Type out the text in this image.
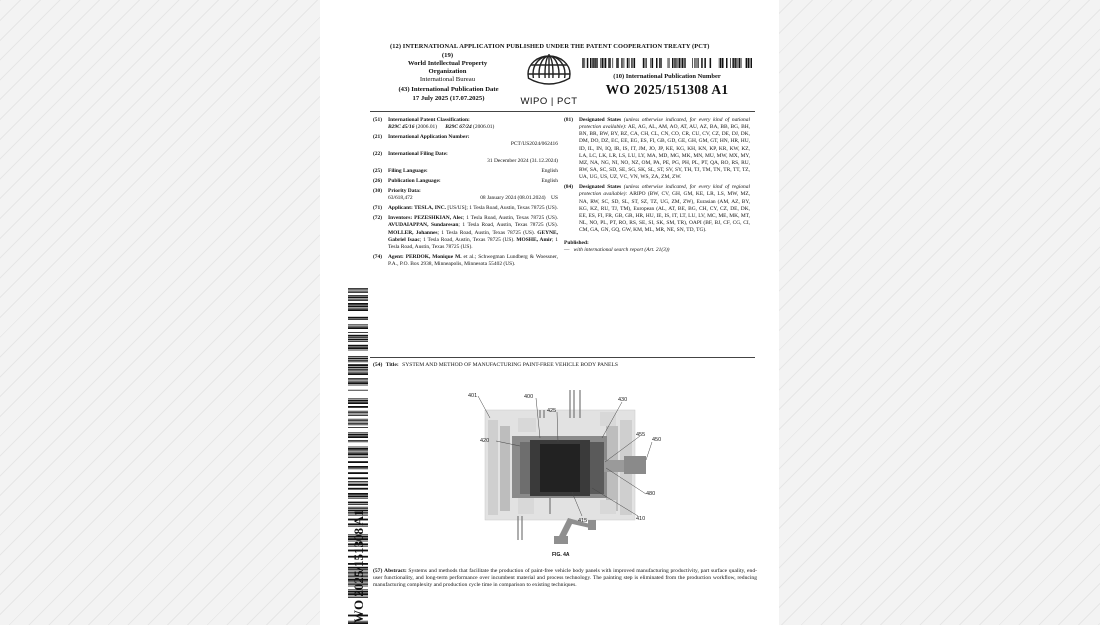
(12) INTERNATIONAL APPLICATION PUBLISHED UNDER THE PATENT COOPERATION TREATY (PCT)
(19)
World Intellectual Property Organization
International Bureau
(43) International Publication Date
17 July 2025 (17.07.2025)	WIPO | PCT
(10) International Publication Number
WO 2025/151308 A1
(51) International Patent Classification:
B29C 45/16 (2006.01) B29C 67/24 (2006.01)
(21) International Application Number:
PCT/US2024/062416
(22) International Filing Date:
31 December 2024 (31.12.2024)
(25) Filing Language:	English
(26) Publication Language:	English
(30) Priority Data:
63/618,472	08 January 2024 (08.01.2024) US
(71)	Applicant: TESLA, INC. [US/US]; 1 Tesla Road, Austin, Texas 78725 (US).
(72)	Inventors: PEZESHKIAN, Alec; 1 Tesla Road, Austin, Texas 78725 (US). AVUDAIAPPAN, Sundaresan; 1 Tesla Road, Austin, Texas 78725 (US). MOLLER, Johannes; 1 Tesla Road, Austin, Texas 78725 (US). GEYNE, Gabriel Isaac; 1 Tesla Road, Austin, Texas 78725 (US). MOSHE, Amir; 1 Tesla Road, Austin, Texas 78725 (US).
(74)	Agent: PERDOK, Monique M. et al.; Schwegman Lundberg & Woessner, P.A., P.O. Box 2938, Minneapolis, Minnesota 55402 (US).
(81)	Designated States (unless otherwise indicated, for every kind of national protection available): AE, AG, AL, AM, AO, AT, AU, AZ, BA, BB, BG, BH, BN, BR, BW, BY, BZ, CA, CH, CL, CN, CO, CR, CU, CV, CZ, DE, DJ, DK, DM, DO, DZ, EC, EE, EG, ES, FI, GB, GD, GE, GH, GM, GT, HN, HR, HU, ID, IL, IN, IQ, IR, IS, IT, JM, JO, JP, KE, KG, KH, KN, KP, KR, KW, KZ, LA, LC, LK, LR, LS, LU, LY, MA, MD, MG, MK, MN, MU, MW, MX, MY, MZ, NA, NG, NI, NO, NZ, OM, PA, PE, PG, PH, PL, PT, QA, RO, RS, RU, RW, SA, SC, SD, SE, SG, SK, SL, ST, SV, SY, TH, TJ, TM, TN, TR, TT, TZ, UA, UG, US, UZ, VC, VN, WS, ZA, ZM, ZW.
(84)	Designated States (unless otherwise indicated, for every kind of regional protection available): ARIPO (BW, CV, GH, GM, KE, LR, LS, MW, MZ, NA, RW, SC, SD, SL, ST, SZ, TZ, UG, ZM, ZW), Eurasian (AM, AZ, BY, KG, KZ, RU, TJ, TM), European (AL, AT, BE, BG, CH, CY, CZ, DE, DK, EE, ES, FI, FR, GB, GR, HR, HU, IE, IS, IT, LT, LU, LV, MC, ME, MK, MT, NL, NO, PL, PT, RO, RS, SE, SI, SK, SM, TR), OAPI (BF, BJ, CF, CG, CI, CM, GA, GN, GQ, GW, KM, ML, MR, NE, SN, TD, TG).
Published:
—   with international search report (Art. 21(3))
(54) Title: SYSTEM AND METHOD OF MANUFACTURING PAINT-FREE VEHICLE BODY PANELS
401	400
425
430
420
455
450
480
415	410
FIG. 4A
(57) Abstract: Systems and methods that facilitate the production of paint-free vehicle body panels with improved manufacturing productivity, part surface quality, end-user functionality, and long-term performance over incumbent material and process technology. The painting step is eliminated from the production workflow, reducing manufacturing complexity and production cycle time in comparison to existing techniques.
WO 2025/151308 A1
